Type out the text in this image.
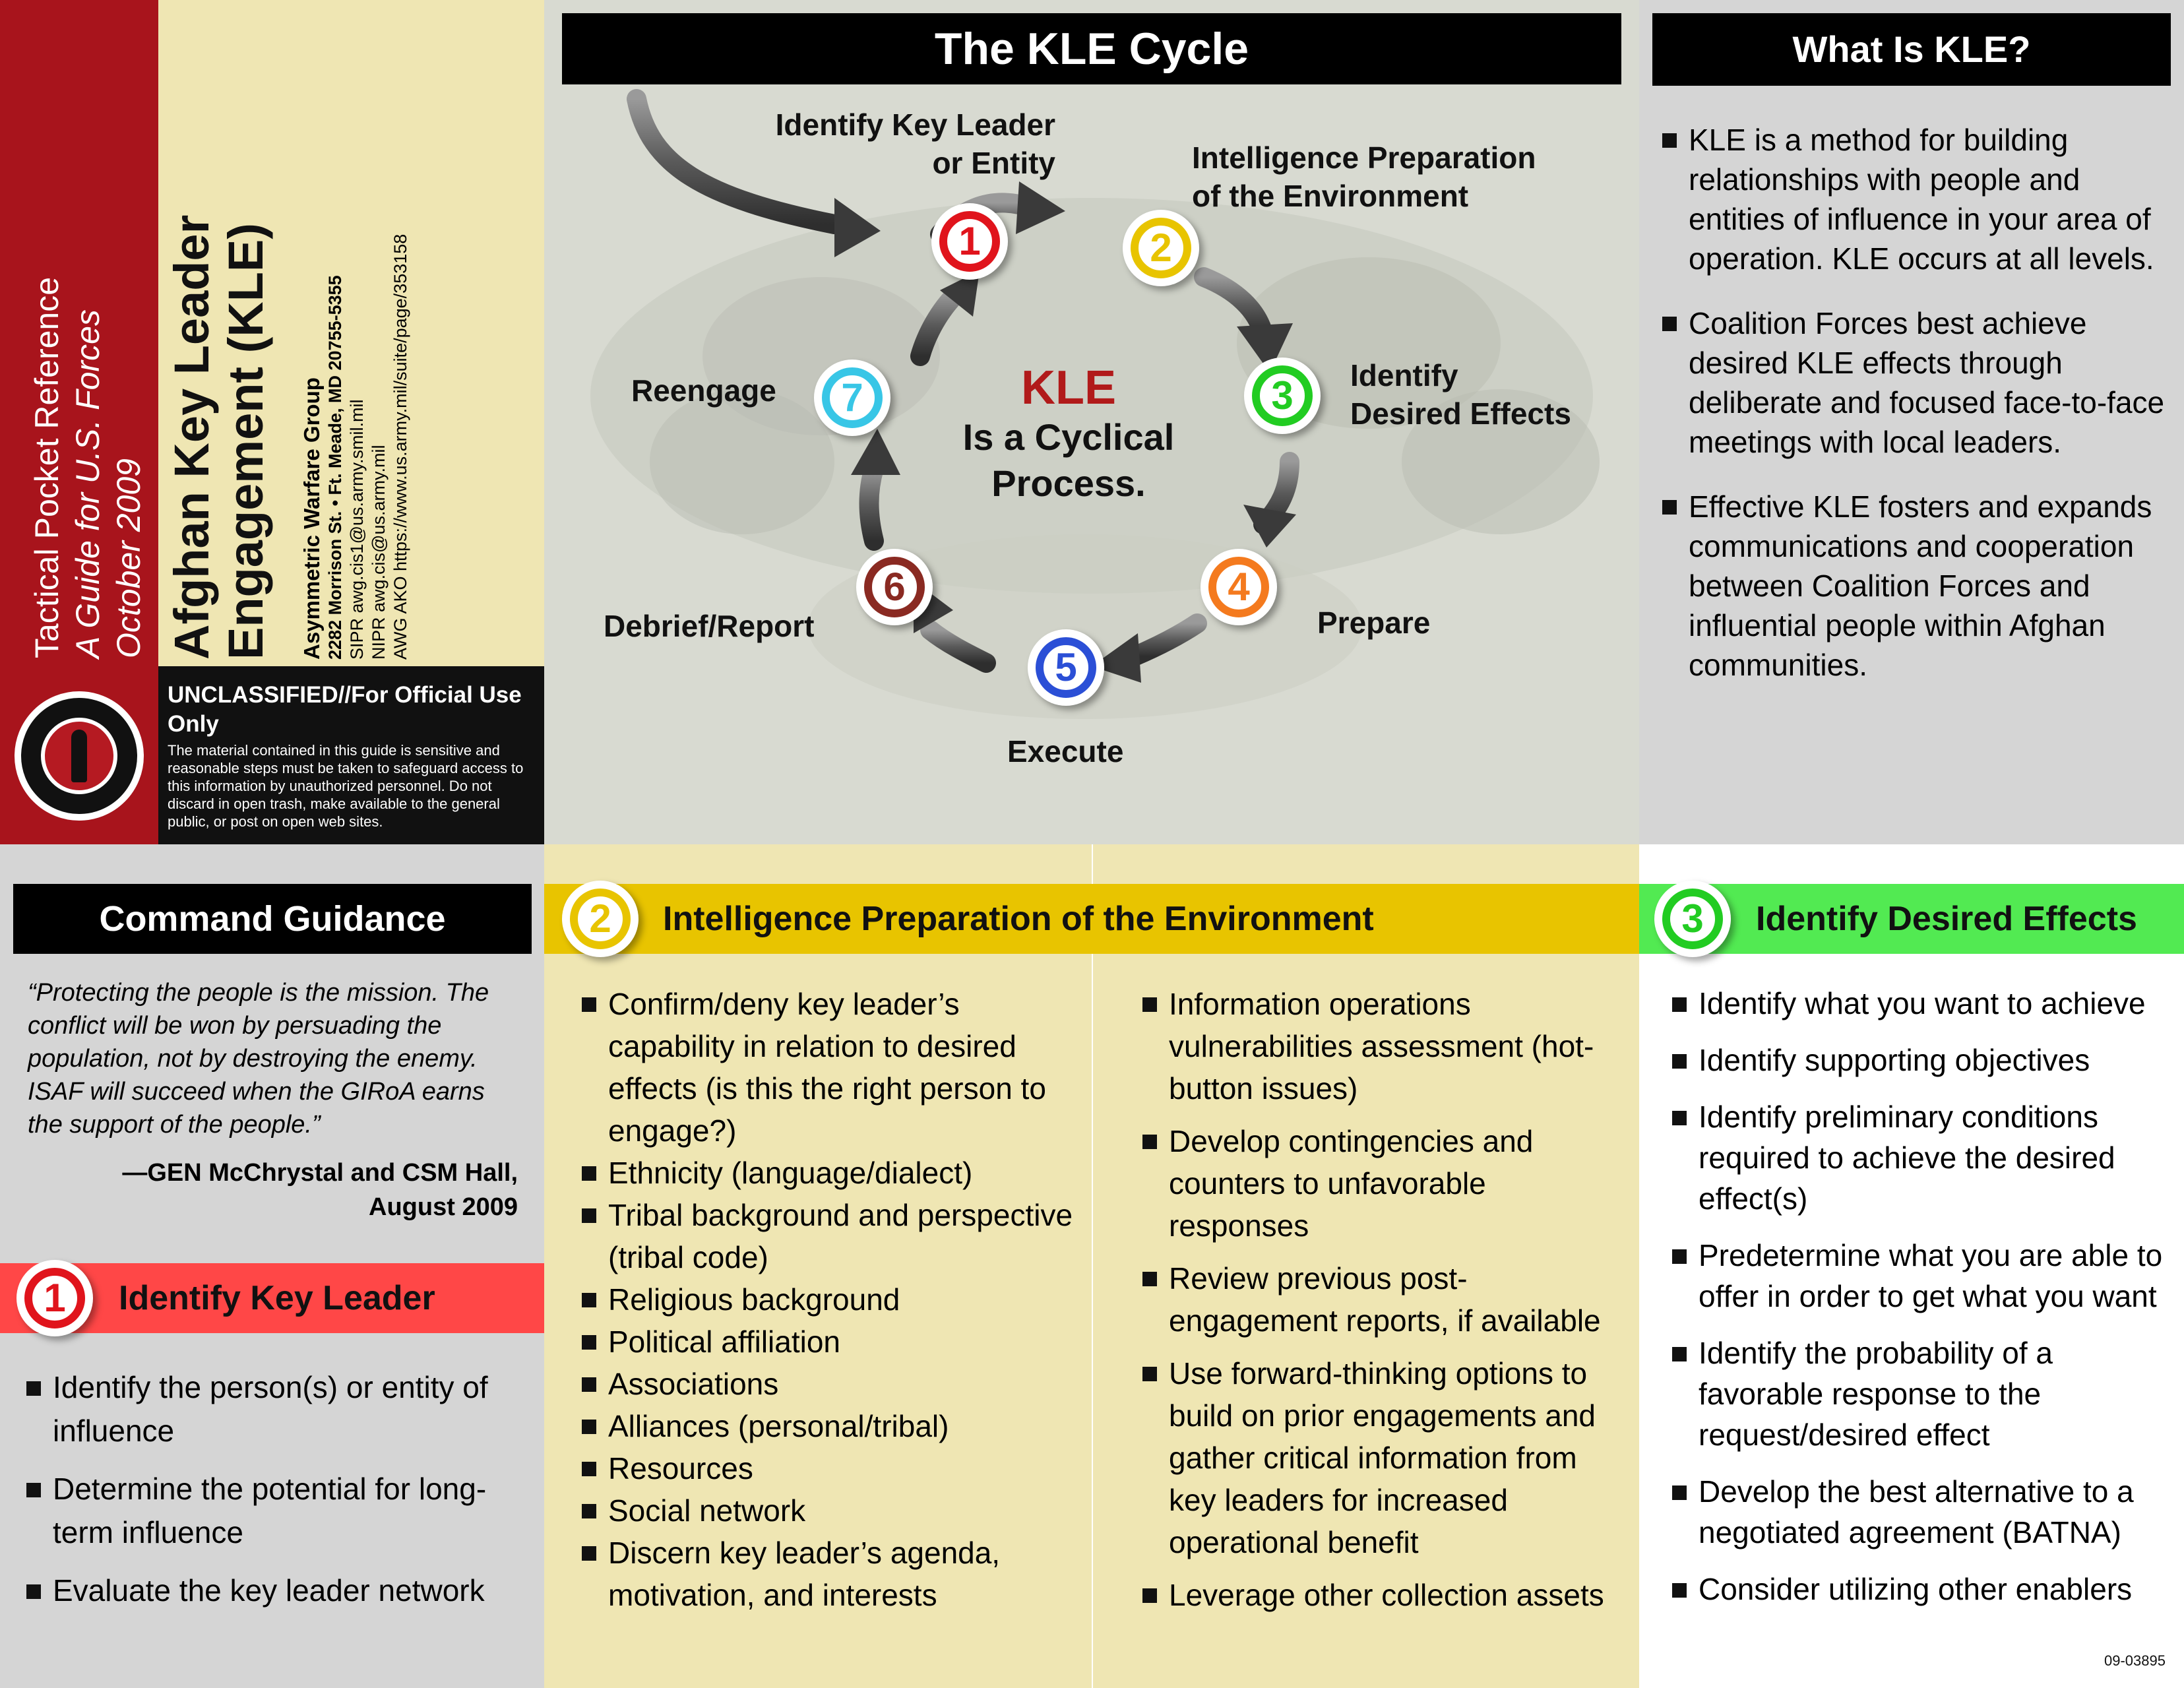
Tactical Pocket Reference A Guide for U.S. Forces October 2009 Afghan Key Leader Engagement (KLE) Asymmetric Warfare Group 2282 Morrison St. • Ft. Meade, MD 20755-5355 SIPR awg.cis1@us.army.smil.mil NIPR awg.cis@us.army.mil AWG AKO https://www.us.army.mil/suite/page/353158
UNCLASSIFIED//For Official Use Only
The material contained in this guide is sensitive and reasonable steps must be taken to safeguard access to this information by unauthorized personnel. Do not discard in open trash, make available to the general public, or post on open web sites.
The KLE Cycle
1	2
3
4
5
6
7
Identify Key Leader
or Entity	Intelligence Preparation
of the Environment
Identify
Desired Effects
Prepare
Execute
Debrief/Report
Reengage	KLE
Is a Cyclical
Process.
What Is KLE?
KLE is a method for building relationships with people and entities of influence in your area of operation. KLE occurs at all levels.
Coalition Forces best achieve desired KLE effects through deliberate and focused face-to-face meetings with local leaders.
Effective KLE fosters and expands communications and cooperation between Coalition Forces and influential people within Afghan communities.
Command Guidance
“Protecting the people is the mission. The conflict will be won by persuading the population, not by destroying the enemy. ISAF will succeed when the GIRoA earns the support of the people.”
—GEN McChrystal and CSM Hall,
August 2009
1	Identify Key Leader
Identify the person(s) or entity of influence
Determine the potential for long-term influence
Evaluate the key leader network
2	Intelligence Preparation of the Environment
Confirm/deny key leader’s capability in relation to desired effects (is this the right person to engage?)
Ethnicity (language/dialect)
Tribal background and perspective (tribal code)
Religious background
Political affiliation
Associations
Alliances (personal/tribal)
Resources
Social network
Discern key leader’s agenda, motivation, and interests
Information operations vulnerabilities assessment (hot-button issues)
Develop contingencies and counters to unfavorable responses
Review previous post-engagement reports, if available
Use forward-thinking options to build on prior engagements and gather critical information from key leaders for increased operational benefit
Leverage other collection assets
3	Identify Desired Effects
Identify what you want to achieve
Identify supporting objectives
Identify preliminary conditions required to achieve the desired effect(s)
Predetermine what you are able to offer in order to get what you want
Identify the probability of a favorable response to the request/desired effect
Develop the best alternative to a negotiated agreement (BATNA)
Consider utilizing other enablers
09-03895
